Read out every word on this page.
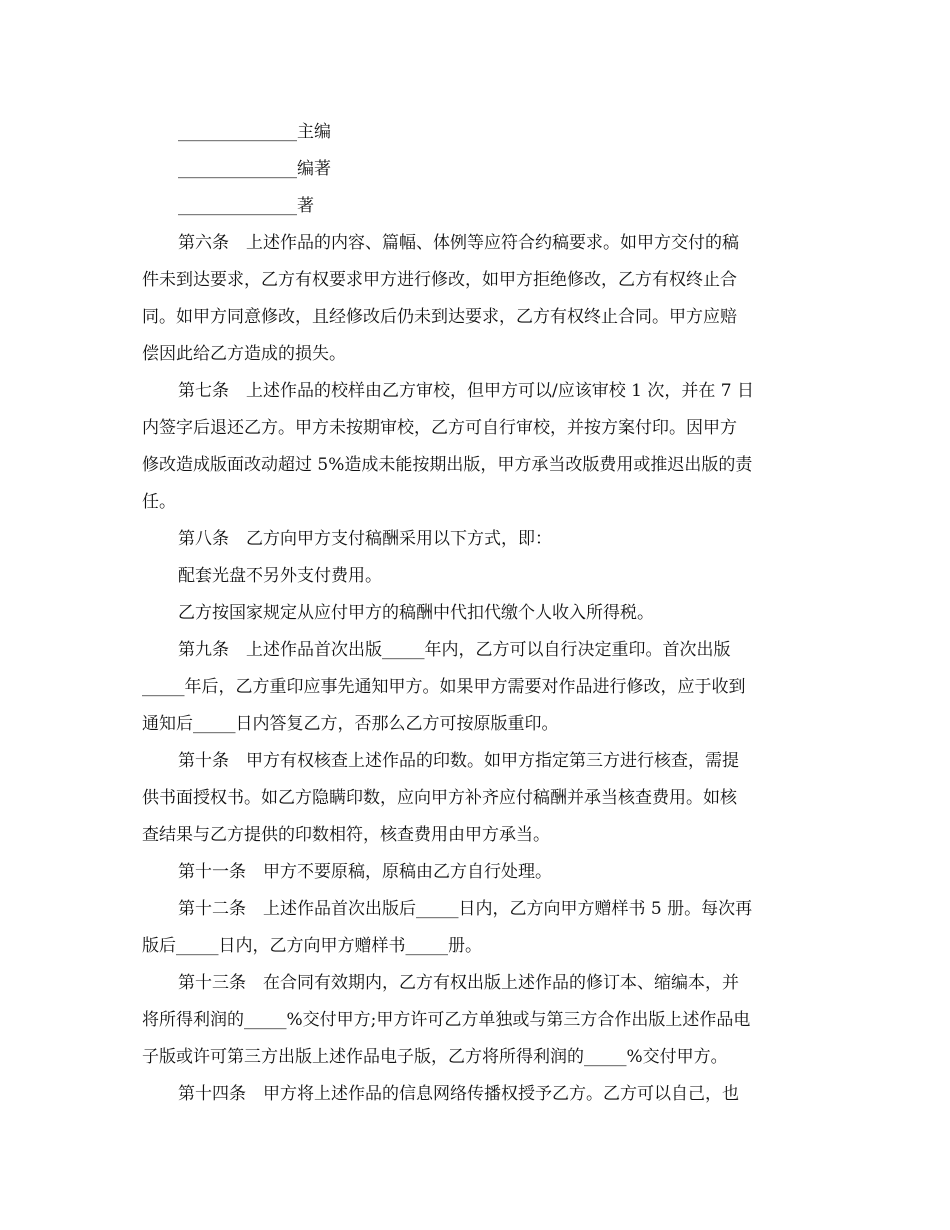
______________主编
______________编著
______________著
第六条　上述作品的内容、篇幅、体例等应符合约稿要求。如甲方交付的稿
件未到达要求，乙方有权要求甲方进行修改，如甲方拒绝修改，乙方有权终止合
同。如甲方同意修改，且经修改后仍未到达要求，乙方有权终止合同。甲方应赔
偿因此给乙方造成的损失。
第七条　上述作品的校样由乙方审校，但甲方可以/应该审校 1 次，并在 7 日
内签字后退还乙方。甲方未按期审校，乙方可自行审校，并按方案付印。因甲方
修改造成版面改动超过 5%造成未能按期出版，甲方承当改版费用或推迟出版的责
任。
第八条　乙方向甲方支付稿酬采用以下方式，即：
配套光盘不另外支付费用。
乙方按国家规定从应付甲方的稿酬中代扣代缴个人收入所得税。
第九条　上述作品首次出版_____年内，乙方可以自行决定重印。首次出版
_____年后，乙方重印应事先通知甲方。如果甲方需要对作品进行修改，应于收到
通知后_____日内答复乙方，否那么乙方可按原版重印。
第十条　甲方有权核查上述作品的印数。如甲方指定第三方进行核查，需提
供书面授权书。如乙方隐瞒印数，应向甲方补齐应付稿酬并承当核查费用。如核
查结果与乙方提供的印数相符，核查费用由甲方承当。
第十一条　甲方不要原稿，原稿由乙方自行处理。
第十二条　上述作品首次出版后_____日内，乙方向甲方赠样书 5 册。每次再
版后_____日内，乙方向甲方赠样书_____册。
第十三条　在合同有效期内，乙方有权出版上述作品的修订本、缩编本，并
将所得利润的_____%交付甲方;甲方许可乙方单独或与第三方合作出版上述作品电
子版或许可第三方出版上述作品电子版，乙方将所得利润的_____%交付甲方。
第十四条　甲方将上述作品的信息网络传播权授予乙方。乙方可以自己，也
